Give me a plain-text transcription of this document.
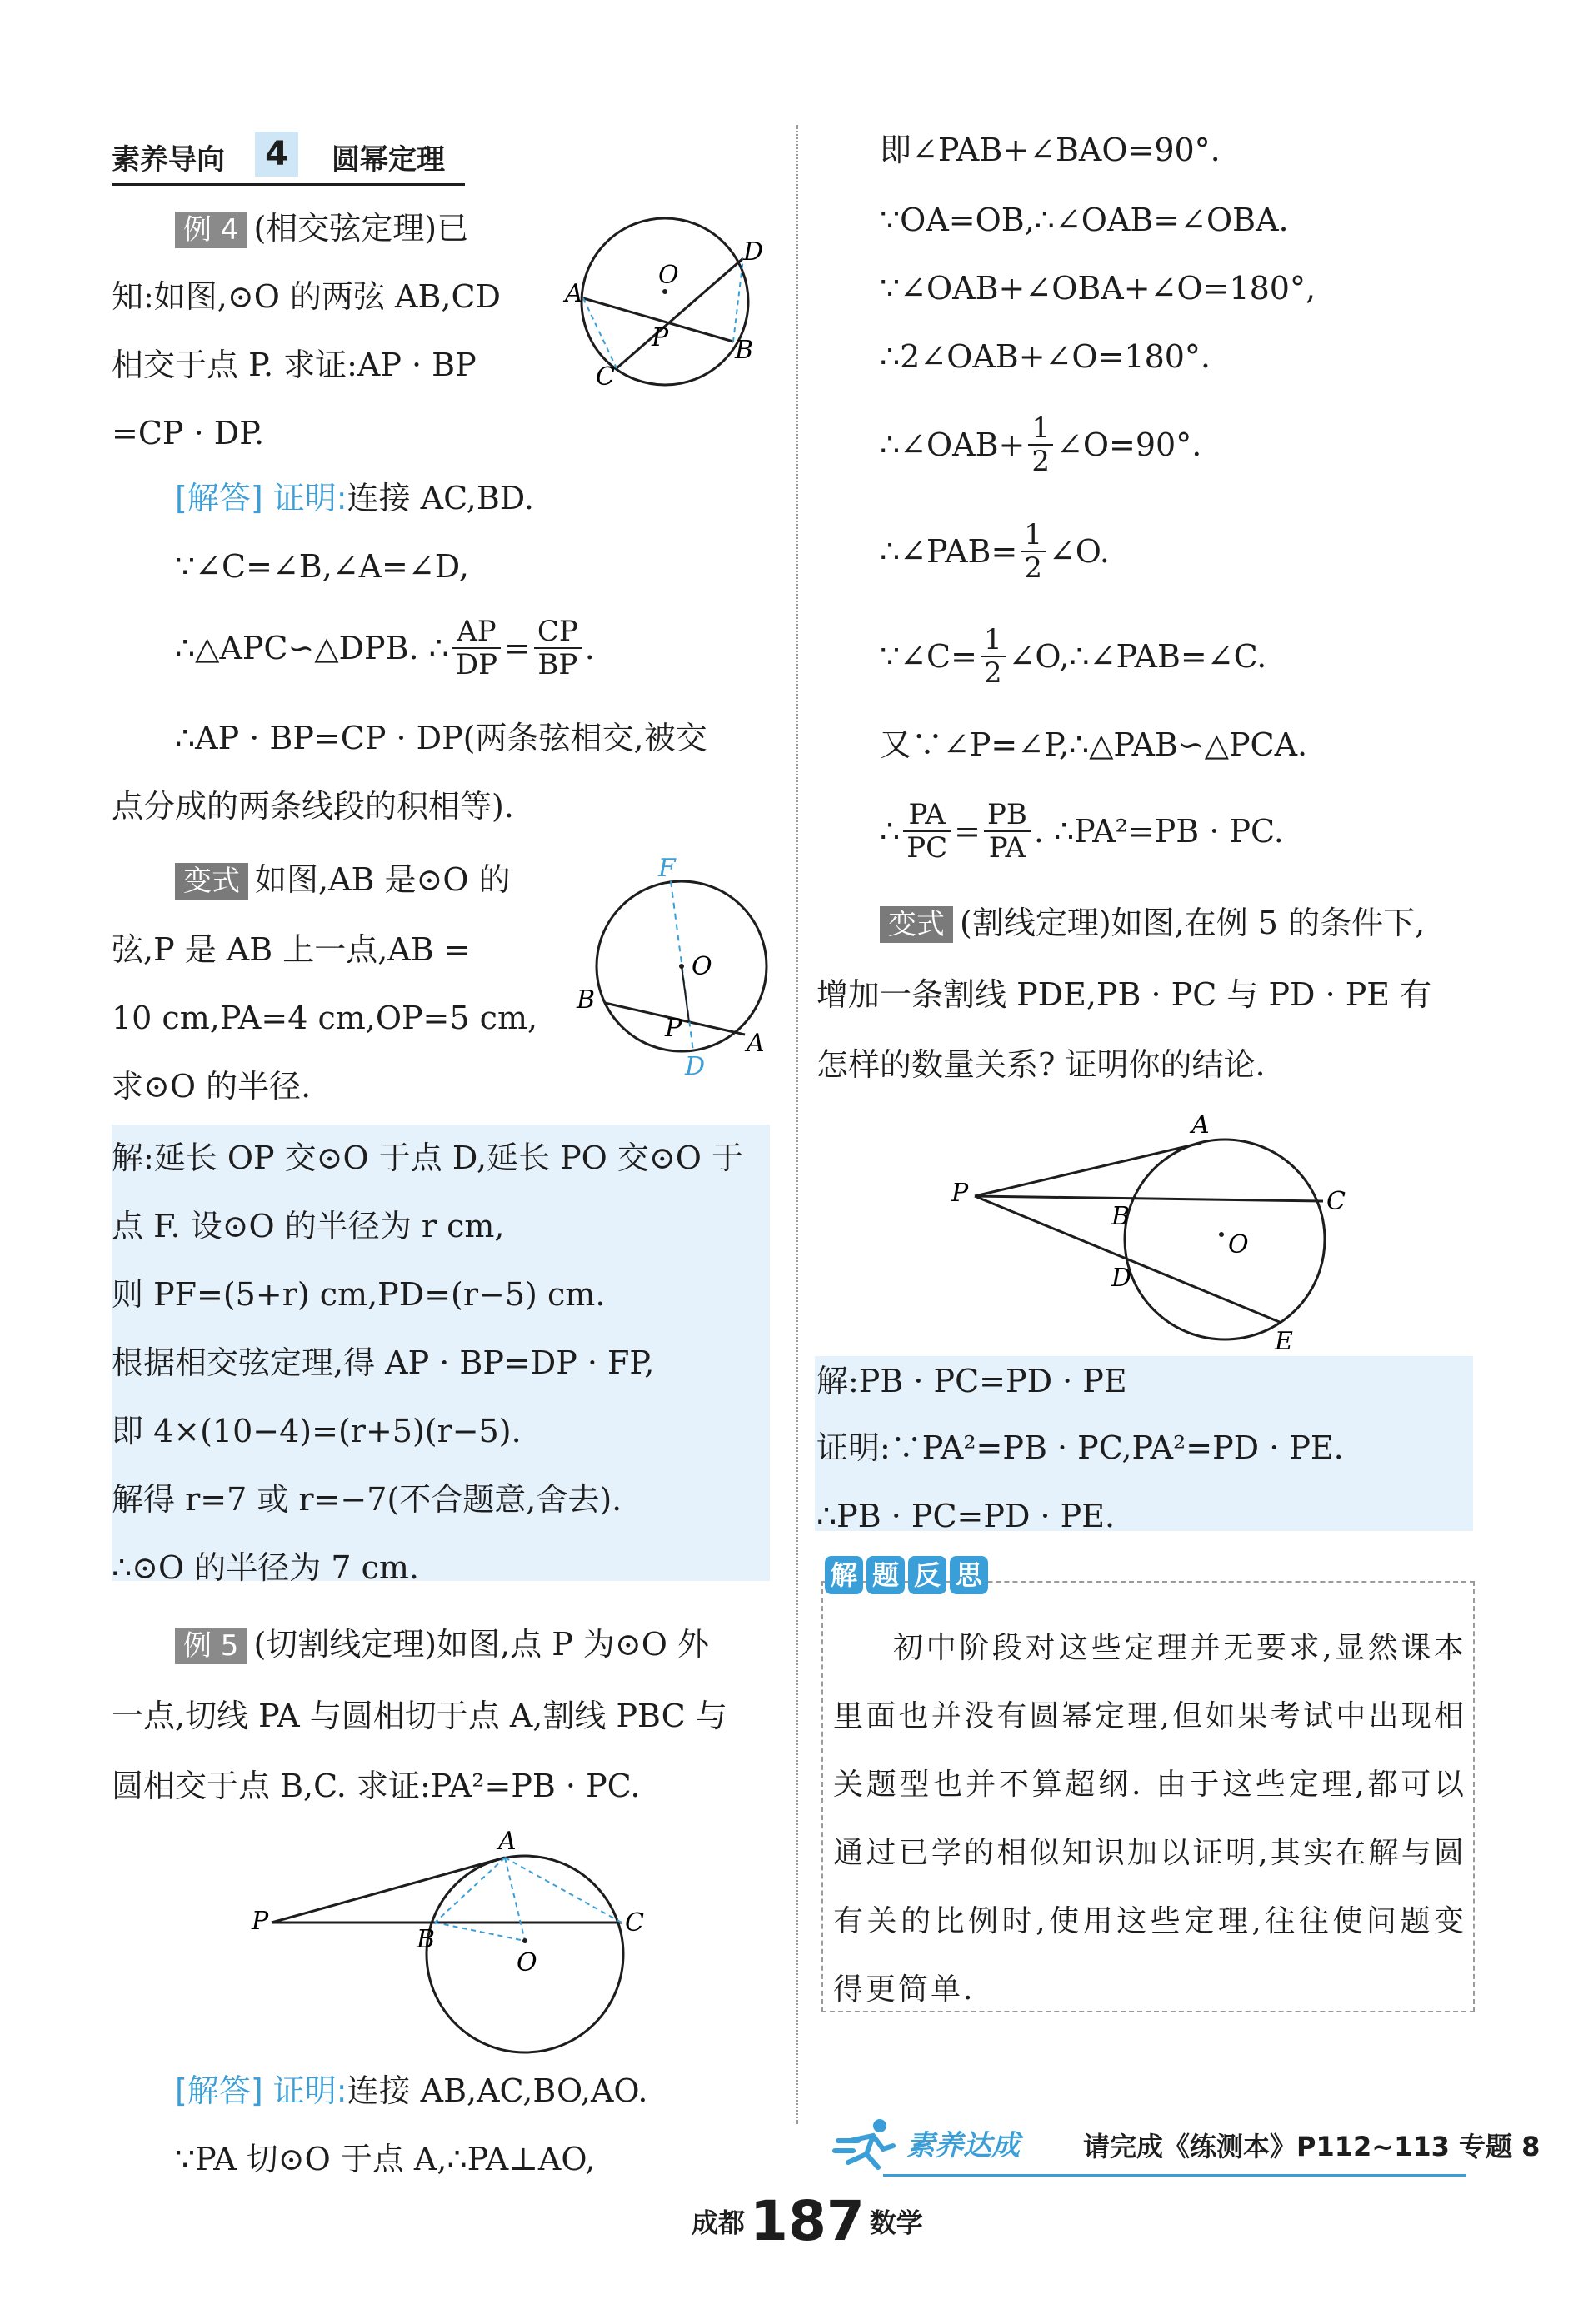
素养导向	4	圆幂定理
例 4 (相交弦定理)已
知:如图,⊙O 的两弦 AB,CD
相交于点 P. 求证:AP · BP
=CP · DP.
O
A
D
P	B
C
[解答] 证明:连接 AC,BD.
∵∠C=∠B,∠A=∠D,
∴△APC∽△DPB. ∴ $\frac{AP}{DP} = \frac{CP}{BP}$ .
∴AP · BP=CP · DP(两条弦相交,被交
点分成的两条线段的积相等).
变式 如图,AB 是⊙O 的
弦,P 是 AB 上一点,AB =
10 cm,PA=4 cm,OP=5 cm,
求⊙O 的半径.
F
O
B
P
A
D
解:延长 OP 交⊙O 于点 D,延长 PO 交⊙O 于
点 F. 设⊙O 的半径为 r cm,
则 PF=(5+r) cm,PD=(r−5) cm.
根据相交弦定理,得 AP · BP=DP · FP,
即 4×(10−4)=(r+5)(r−5).
解得 r=7 或 r=−7(不合题意,舍去).
∴⊙O 的半径为 7 cm.
例 5 (切割线定理)如图,点 P 为⊙O 外
一点,切线 PA 与圆相切于点 A,割线 PBC 与
圆相交于点 B,C. 求证:PA²=PB · PC.
A
P
B
C
O
[解答] 证明:连接 AB,AC,BO,AO.
∵PA 切⊙O 于点 A,∴PA⊥AO,
即∠PAB+∠BAO=90°.
∵OA=OB,∴∠OAB=∠OBA.
∵∠OAB+∠OBA+∠O=180°,
∴2∠OAB+∠O=180°.
∴∠OAB+ $\frac{1}{2}$ ∠O=90°.
∴∠PAB= $\frac{1}{2}$ ∠O.
∵∠C= $\frac{1}{2}$ ∠O,∴∠PAB=∠C.
又∵∠P=∠P,∴△PAB∽△PCA.
∴ $\frac{PA}{PC} = \frac{PB}{PA}$ . ∴PA²=PB · PC.
变式 (割线定理)如图,在例 5 的条件下,
增加一条割线 PDE,PB · PC 与 PD · PE 有
怎样的数量关系? 证明你的结论.
A
P
B
C
O
D
E
解:PB · PC=PD · PE
证明:∵PA²=PB · PC,PA²=PD · PE.
∴PB · PC=PD · PE.
解 题 反 思
初中阶段对这些定理并无要求,显然课本里面也并没有圆幂定理,但如果考试中出现相关题型也并不算超纲. 由于这些定理,都可以通过已学的相似知识加以证明,其实在解与圆有关的比例时,使用这些定理,往往使问题变得更简单.
素养达成 请完成《练测本》P112~113 专题 8
成都187 数学
